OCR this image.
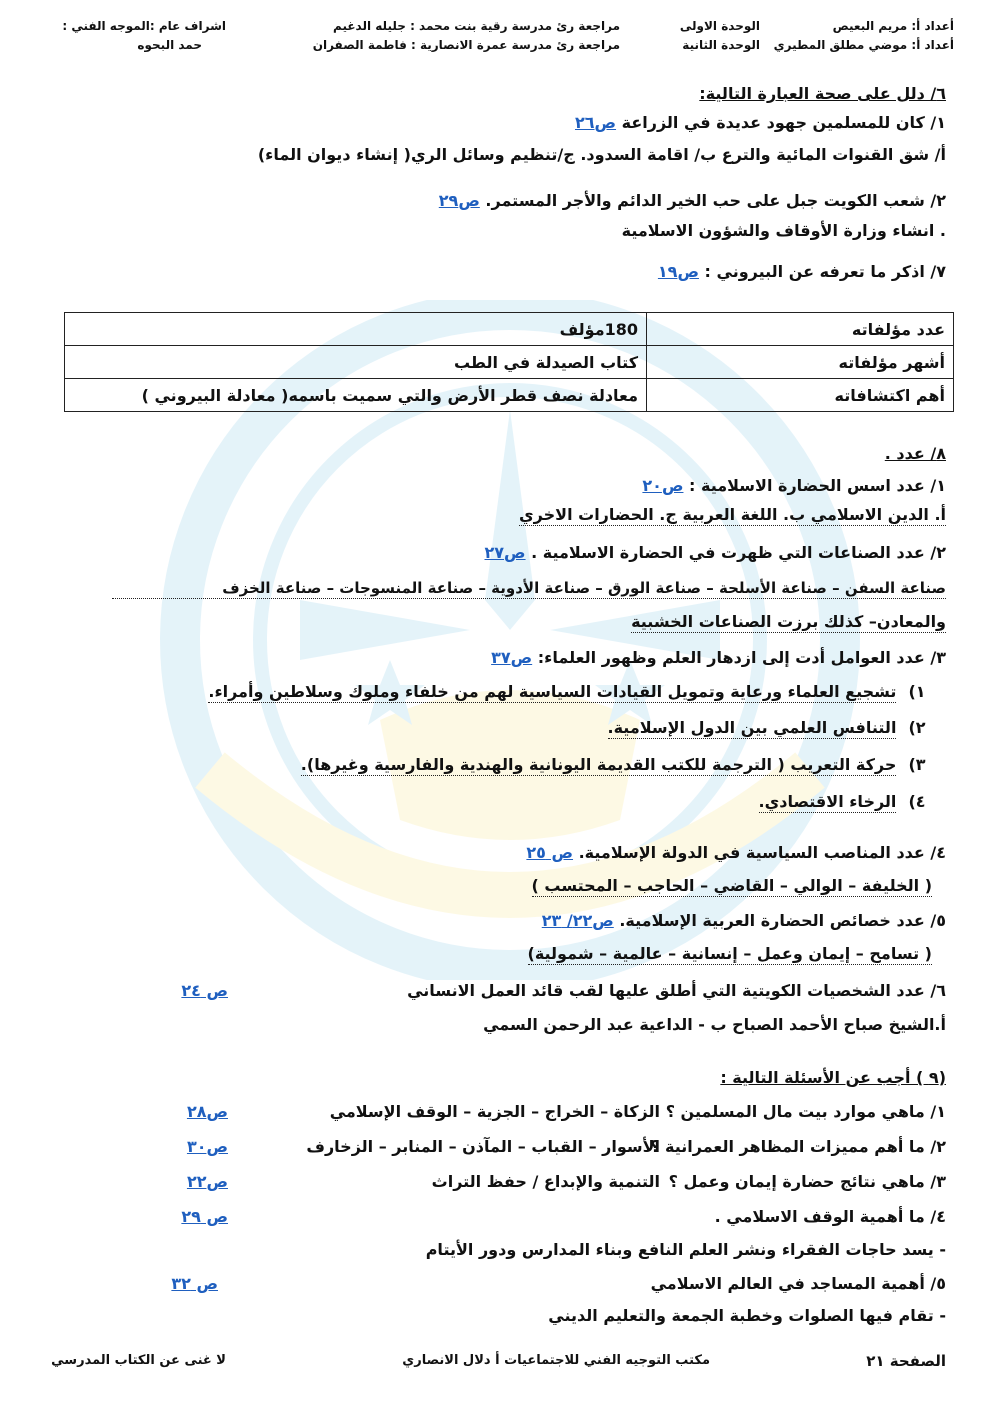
أعداد أ: مريم البعيص
أعداد أ: موضي مطلق المطيري
الوحدة الاولى
الوحدة الثانية
مراجعة رئ مدرسة رقية بنت محمد : جليله الدغيم
مراجعة رئ مدرسة عمرة الانصارية : فاطمة الصفران
اشراف عام :الموجه الفني :
حمد البحوه
٦/ دلل على صحة العبارة التالية:
١/ كان للمسلمين جهود عديدة في الزراعة ص٢٦
أ/ شق القنوات المائية والترع ب/ اقامة السدود. ج/تنظيم وسائل الري( إنشاء ديوان الماء)
٢/ شعب الكويت جبل على حب الخير الدائم والأجر المستمر. ص٢٩
. انشاء وزارة الأوقاف والشؤون الاسلامية
٧/ اذكر ما تعرفه عن البيروني : ص١٩
عدد مؤلفاته	180مؤلف
أشهر مؤلفاته	كتاب الصيدلة في الطب
أهم اكتشافاته	معادلة نصف قطر الأرض والتي سميت باسمه( معادلة البيروني )
٨/ عدد .
١/ عدد اسس الحضارة الاسلامية : ص٢٠
أ. الدين الاسلامي ب. اللغة العربية ج. الحضارات الاخري
٢/ عدد الصناعات التي ظهرت في الحضارة الاسلامية . ص٢٧
صناعة السفن – صناعة الأسلحة – صناعة الورق – صناعة الأدوية – صناعة المنسوجات – صناعة الخزف
والمعادن– كذلك برزت الصناعات الخشبية
٣/ عدد العوامل أدت إلى ازدهار العلم وظهور العلماء: ص٣٧
١) تشجيع العلماء ورعاية وتمويل القيادات السياسية لهم من خلفاء وملوك وسلاطين وأمراء.
٢) التنافس العلمي بين الدول الإسلامية.
٣) حركة التعريب ( الترجمة للكتب القديمة اليونانية والهندية والفارسية وغيرها).
٤) الرخاء الاقتصادي.
٤/ عدد المناصب السياسية في الدولة الإسلامية. ص ٢٥
( الخليفة – الوالي – القاضي – الحاجب – المحتسب )
٥/ عدد خصائص الحضارة العربية الإسلامية. ص٢٢/ ٢٣
( تسامح – إيمان وعمل – إنسانية – عالمية – شمولية)
٦/ عدد الشخصيات الكويتية التي أطلق عليها لقب قائد العمل الانساني
ص ٢٤
أ.الشيخ صباح الأحمد الصباح ب - الداعية عبد الرحمن السمي
(٩ ) أجب عن الأسئلة التالية :
١/ ماهي موارد بيت مال المسلمين ؟
الزكاة – الخراج – الجزية – الوقف الإسلامي
ص٢٨
٢/ ما أهم مميزات المظاهر العمرانية ؟
الأسوار – القباب – المآذن – المنابر – الزخارف
ص٣٠
٣/ ماهي نتائج حضارة إيمان وعمل ؟
التنمية والإبداع / حفظ التراث
ص٢٢
٤/ ما أهمية الوقف الاسلامي .
ص ٢٩
- يسد حاجات الفقراء ونشر العلم النافع وبناء المدارس ودور الأيتام
٥/ أهمية المساجد في العالم الاسلامي
ص ٣٢
- تقام فيها الصلوات وخطبة الجمعة والتعليم الديني
الصفحة ٢١
مكتب التوجيه الفني للاجتماعيات أ دلال الانصاري
لا غنى عن الكتاب المدرسي
